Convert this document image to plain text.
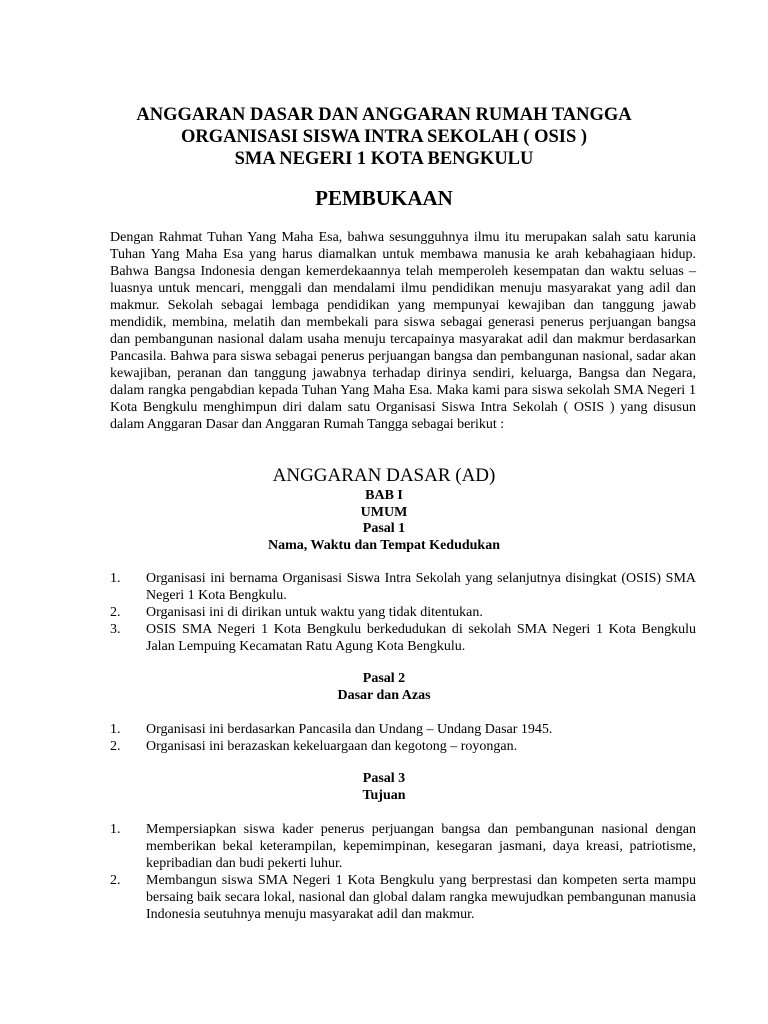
ANGGARAN DASAR DAN ANGGARAN RUMAH TANGGA
ORGANISASI SISWA INTRA SEKOLAH ( OSIS )
SMA NEGERI 1 KOTA BENGKULU
PEMBUKAAN
Dengan Rahmat Tuhan Yang Maha Esa, bahwa sesungguhnya ilmu itu merupakan salah satu karunia Tuhan Yang Maha Esa yang harus diamalkan untuk membawa manusia ke arah kebahagiaan hidup. Bahwa Bangsa Indonesia dengan kemerdekaannya telah memperoleh kesempatan dan waktu seluas – luasnya untuk mencari, menggali dan mendalami ilmu pendidikan menuju masyarakat yang adil dan makmur. Sekolah sebagai lembaga pendidikan yang mempunyai kewajiban dan tanggung jawab mendidik, membina, melatih dan membekali para siswa sebagai generasi penerus perjuangan bangsa dan pembangunan nasional dalam usaha menuju tercapainya masyarakat adil dan makmur berdasarkan Pancasila. Bahwa para siswa sebagai penerus perjuangan bangsa dan pembangunan nasional, sadar akan kewajiban, peranan dan tanggung jawabnya terhadap dirinya sendiri, keluarga, Bangsa dan Negara, dalam rangka pengabdian kepada Tuhan Yang Maha Esa. Maka kami para siswa sekolah SMA Negeri 1 Kota Bengkulu menghimpun diri dalam satu Organisasi Siswa Intra Sekolah ( OSIS ) yang disusun dalam Anggaran Dasar dan Anggaran Rumah Tangga sebagai berikut :
ANGGARAN DASAR (AD)
BAB I
UMUM
Pasal 1
Nama, Waktu dan Tempat Kedudukan
1. Organisasi ini bernama Organisasi Siswa Intra Sekolah yang selanjutnya disingkat (OSIS) SMA Negeri 1 Kota Bengkulu.
2. Organisasi ini di dirikan untuk waktu yang tidak ditentukan.
3. OSIS SMA Negeri 1 Kota Bengkulu berkedudukan di sekolah SMA Negeri 1 Kota Bengkulu Jalan Lempuing Kecamatan Ratu Agung Kota Bengkulu.
Pasal 2
Dasar dan Azas
1. Organisasi ini berdasarkan Pancasila dan Undang – Undang Dasar 1945.
2. Organisasi ini berazaskan kekeluargaan dan kegotong – royongan.
Pasal 3
Tujuan
1. Mempersiapkan siswa kader penerus perjuangan bangsa dan pembangunan nasional dengan memberikan bekal keterampilan, kepemimpinan, kesegaran jasmani, daya kreasi, patriotisme, kepribadian dan budi pekerti luhur.
2. Membangun siswa SMA Negeri 1 Kota Bengkulu yang berprestasi dan kompeten serta mampu bersaing baik secara lokal, nasional dan global dalam rangka mewujudkan pembangunan manusia Indonesia seutuhnya menuju masyarakat adil dan makmur.
